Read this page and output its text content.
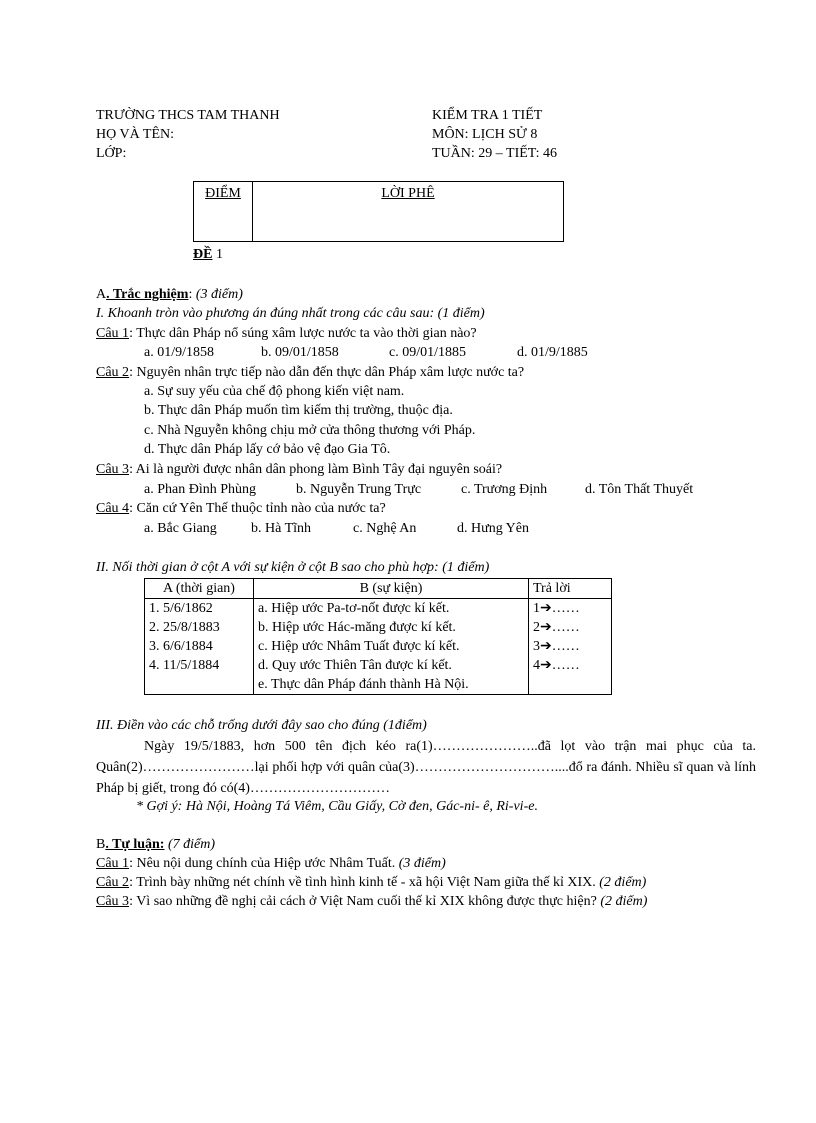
TRƯỜNG THCS TAM THANH
HỌ VÀ TÊN:
LỚP:
KIỂM TRA 1 TIẾT
MÔN: LỊCH SỬ 8
TUẦN: 29 – TIẾT: 46
ĐIỂM	LỜI PHÊ
ĐỀ 1
A. Trắc nghiệm: (3 điểm)
I. Khoanh tròn vào phương án đúng nhất trong các câu sau: (1 điểm)
Câu 1: Thực dân Pháp nổ súng xâm lược nước ta vào thời gian nào?
a. 01/9/1858	b. 09/01/1858	c. 09/01/1885	d. 01/9/1885
Câu 2: Nguyên nhân trực tiếp nào dẫn đến thực dân Pháp xâm lược nước ta?
a. Sự suy yếu của chế độ phong kiến việt nam.
b. Thực dân Pháp muốn tìm kiếm thị trường, thuộc địa.
c. Nhà Nguyễn không chịu mở cửa thông thương với Pháp.
d. Thực dân Pháp lấy cớ bảo vệ đạo Gia Tô.
Câu 3: Ai là người được nhân dân phong làm Bình Tây đại nguyên soái?
a. Phan Đình Phùng	b. Nguyễn Trung Trực	c. Trương Định	d. Tôn Thất Thuyết
Câu 4: Căn cứ Yên Thế thuộc tỉnh nào của nước ta?
a. Bắc Giang b. Hà Tĩnh	c. Nghệ An	d. Hưng Yên
II. Nối thời gian ở cột A với sự kiện ở cột B sao cho phù hợp: (1 điểm)
A (thời gian)	B (sự kiện)	Trả lời
1. 5/6/1862	a. Hiệp ước Pa-tơ-nốt được kí kết.	1➔……
2. 25/8/1883	b. Hiệp ước Hác-măng được kí kết.	2➔……
3. 6/6/1884	c. Hiệp ước Nhâm Tuất được kí kết.	3➔……
4. 11/5/1884	d. Quy ước Thiên Tân được kí kết.	4➔……
	e. Thực dân Pháp đánh thành Hà Nội.	
III. Điền vào các chỗ trống dưới đây sao cho đúng (1điểm)

Ngày 19/5/1883, hơn 500 tên địch kéo ra(1)…………………..đã lọt vào trận mai phục của ta. Quân(2)……………………lại phối hợp với quân của(3)…………………………....đổ ra đánh. Nhiều sĩ quan và lính Pháp bị giết, trong đó có(4)…………………………

* Gợi ý: Hà Nội, Hoàng Tá Viêm, Cầu Giấy, Cờ đen, Gác-ni- ê, Ri-vi-e.
B. Tự luận: (7 điểm)
Câu 1: Nêu nội dung chính của Hiệp ước Nhâm Tuất. (3 điểm)
Câu 2: Trình bày những nét chính về tình hình kinh tế - xã hội Việt Nam giữa thế kỉ XIX. (2 điểm)
Câu 3: Vì sao những đề nghị cải cách ở Việt Nam cuối thế kỉ XIX không được thực hiện? (2 điểm)
